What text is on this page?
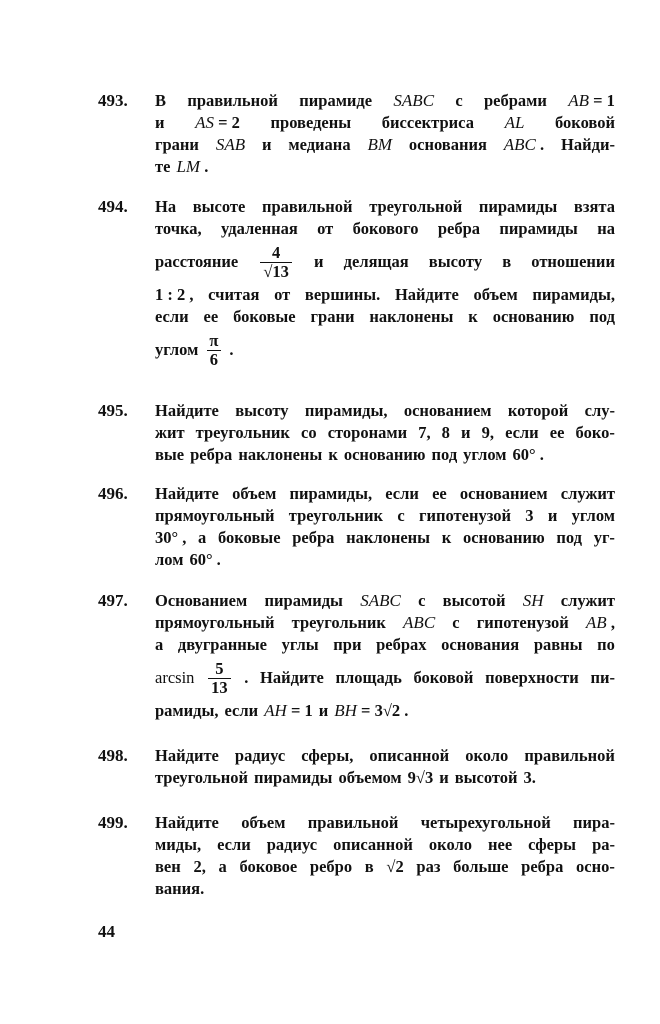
493. В правильной пирамиде SABC с ребрами AB = 1
и AS = 2 проведены биссектриса AL боковой
грани SAB и медиана BM основания ABC . Найди-
те LM .
494. На высоте правильной треугольной пирамиды взята
точка, удаленная от бокового ребра пирамиды на
расстояние $\frac{4}{√13}$ и делящая высоту в отношении
1 : 2 , считая от вершины. Найдите объем пирамиды,
если ее боковые грани наклонены к основанию под
углом $\frac{\pi}{6}$ .
495. Найдите высоту пирамиды, основанием которой слу-
жит треугольник со сторонами 7, 8 и 9, если ее боко-
вые ребра наклонены к основанию под углом 60° .
496. Найдите объем пирамиды, если ее основанием служит
прямоугольный треугольник с гипотенузой 3 и углом
30° , а боковые ребра наклонены к основанию под уг-
лом 60° .
497. Основанием пирамиды SABC с высотой SH служит
прямоугольный треугольник ABC с гипотенузой AB ,
а двугранные углы при ребрах основания равны по
$\arcsin \frac{5}{13}$ . Найдите площадь боковой поверхности пи-
рамиды, если AH = 1 и BH = 3√2 .
498. Найдите радиус сферы, описанной около правильной
треугольной пирамиды объемом 9√3 и высотой 3.
499. Найдите объем правильной четырехугольной пира-
миды, если радиус описанной около нее сферы ра-
вен 2, а боковое ребро в √2 раз больше ребра осно-
вания.
44
